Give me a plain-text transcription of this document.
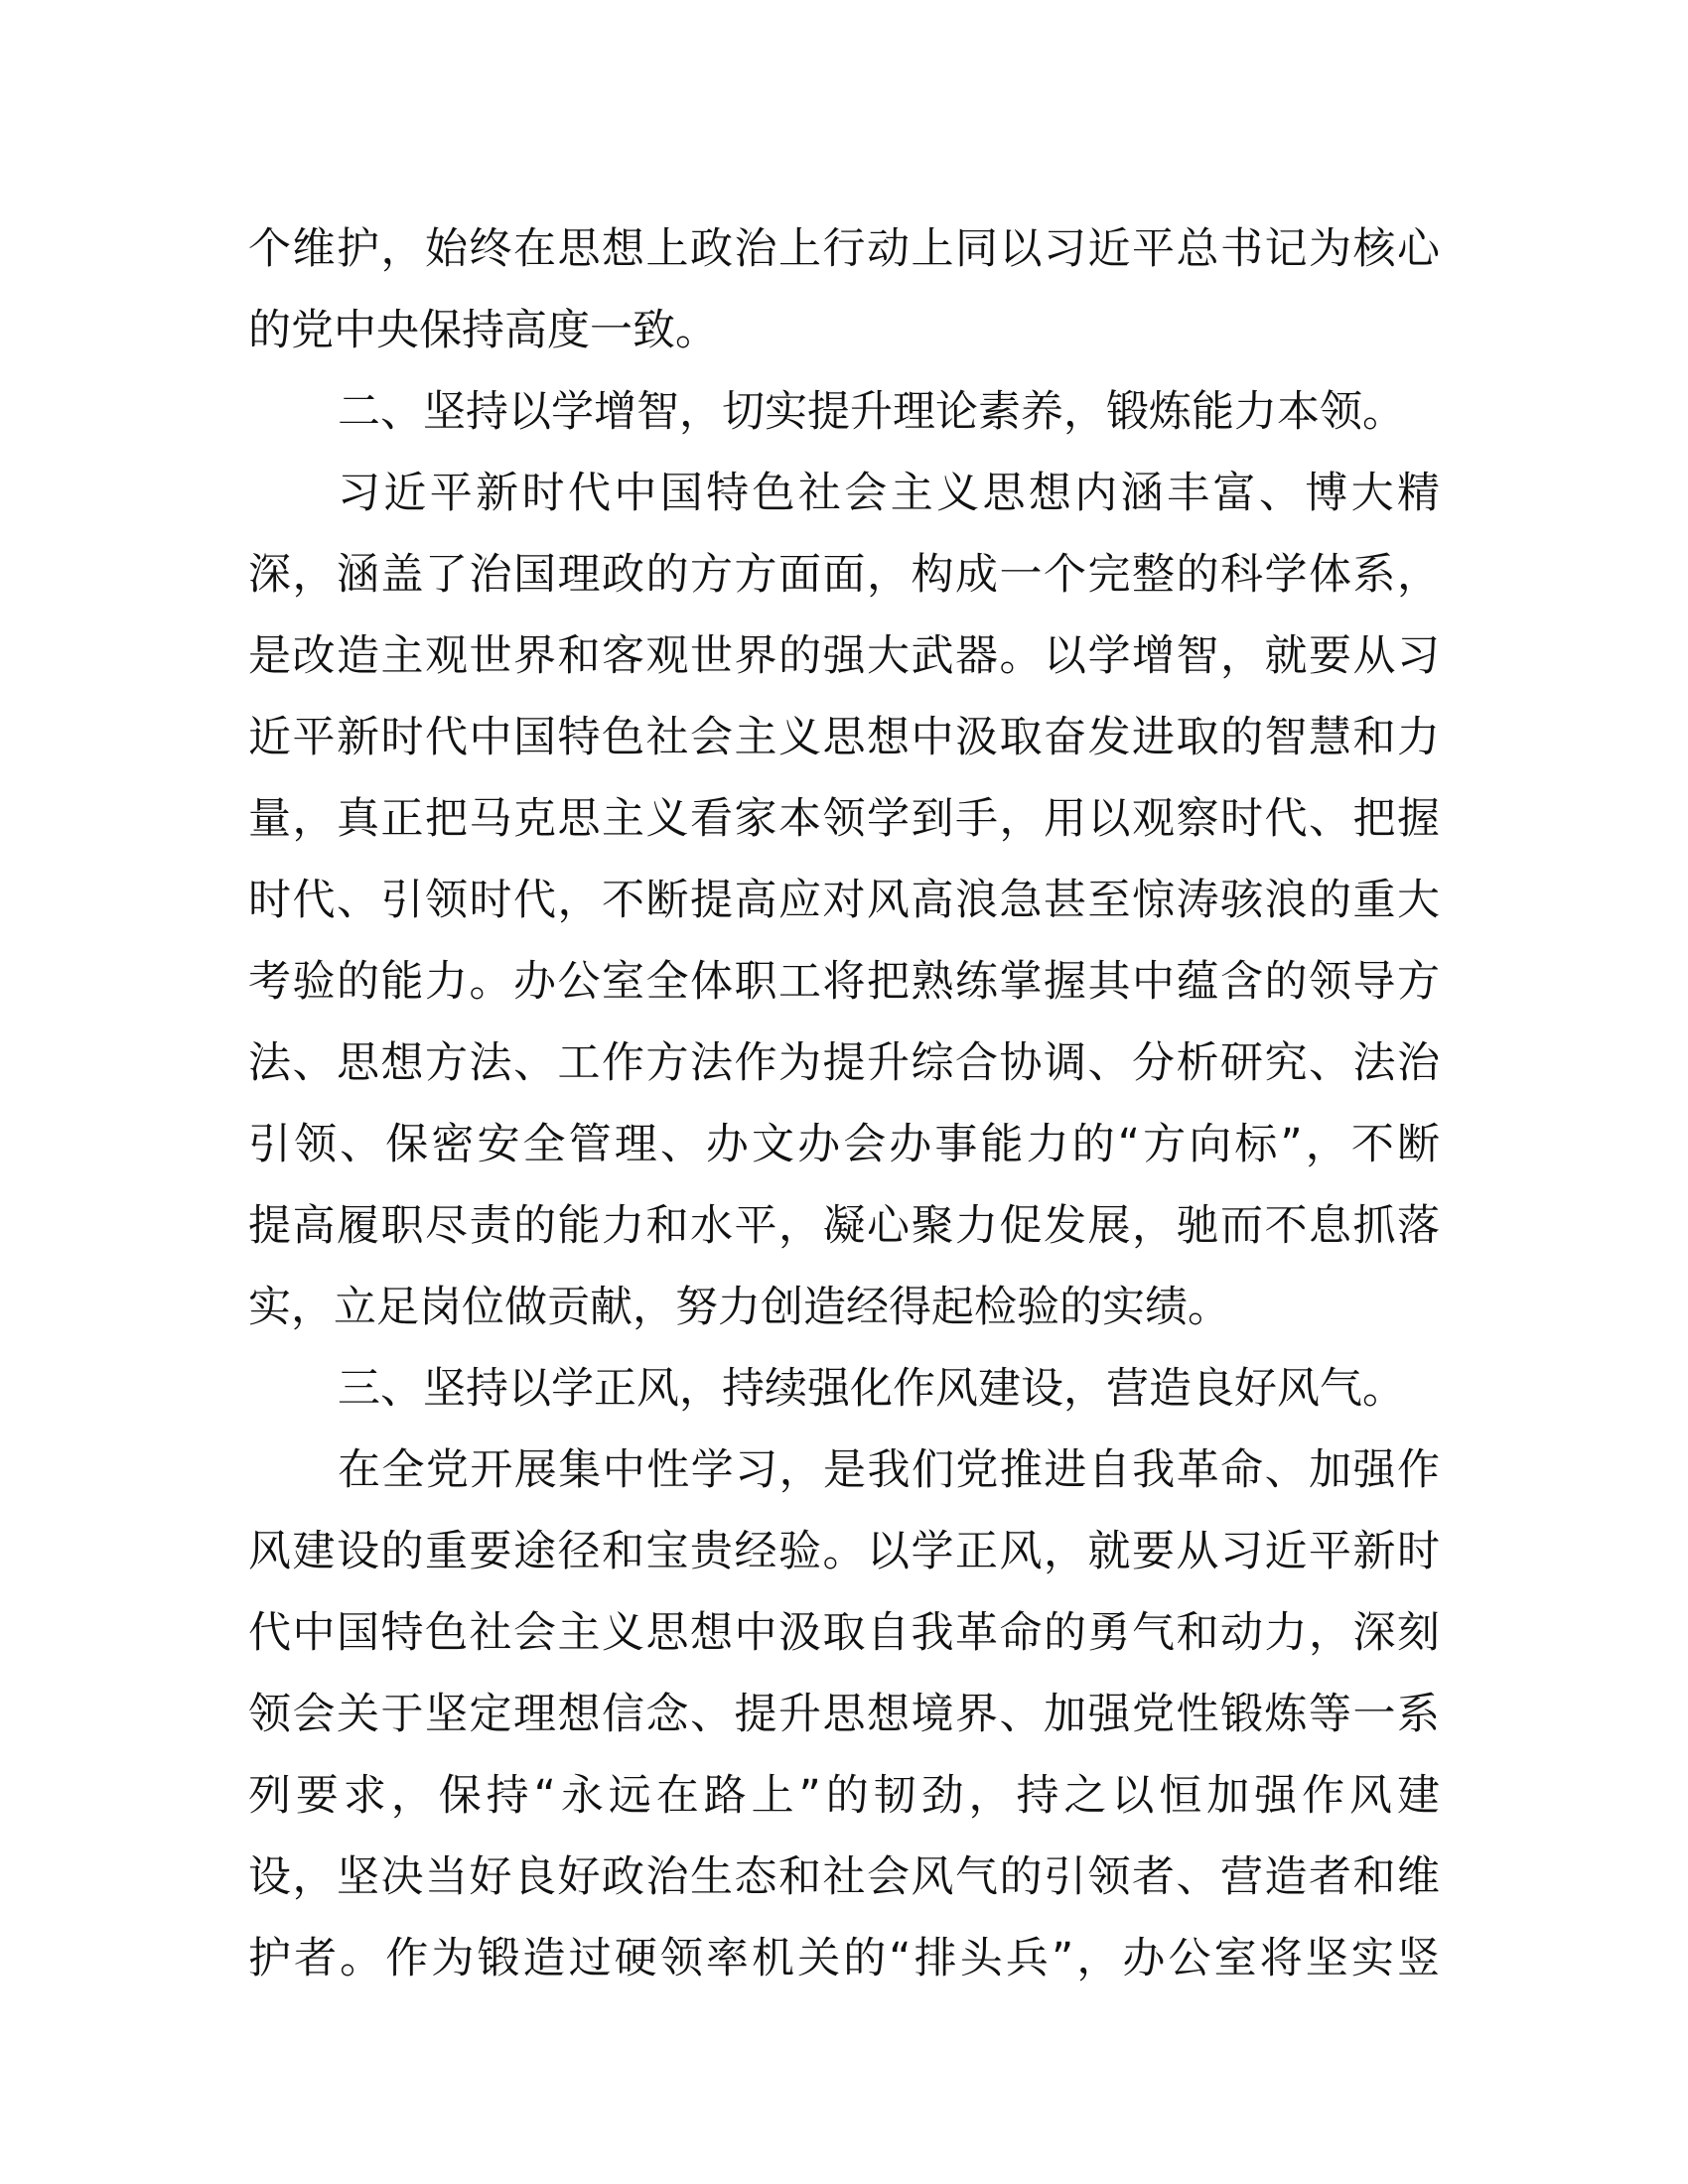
个维护，始终在思想上政治上行动上同以习近平总书记为核心
的党中央保持高度一致。
二、坚持以学增智，切实提升理论素养，锻炼能力本领。
习近平新时代中国特色社会主义思想内涵丰富、博大精
深，涵盖了治国理政的方方面面，构成一个完整的科学体系，
是改造主观世界和客观世界的强大武器。以学增智，就要从习
近平新时代中国特色社会主义思想中汲取奋发进取的智慧和力
量，真正把马克思主义看家本领学到手，用以观察时代、把握
时代、引领时代，不断提高应对风高浪急甚至惊涛骇浪的重大
考验的能力。办公室全体职工将把熟练掌握其中蕴含的领导方
法、思想方法、工作方法作为提升综合协调、分析研究、法治
引领、保密安全管理、办文办会办事能力的“方向标”，不断
提高履职尽责的能力和水平，凝心聚力促发展，驰而不息抓落
实，立足岗位做贡献，努力创造经得起检验的实绩。
三、坚持以学正风，持续强化作风建设，营造良好风气。
在全党开展集中性学习，是我们党推进自我革命、加强作
风建设的重要途径和宝贵经验。以学正风，就要从习近平新时
代中国特色社会主义思想中汲取自我革命的勇气和动力，深刻
领会关于坚定理想信念、提升思想境界、加强党性锻炼等一系
列要求，保持“永远在路上”的韧劲，持之以恒加强作风建
设，坚决当好良好政治生态和社会风气的引领者、营造者和维
护者。作为锻造过硬领率机关的“排头兵”，办公室将坚实竖
